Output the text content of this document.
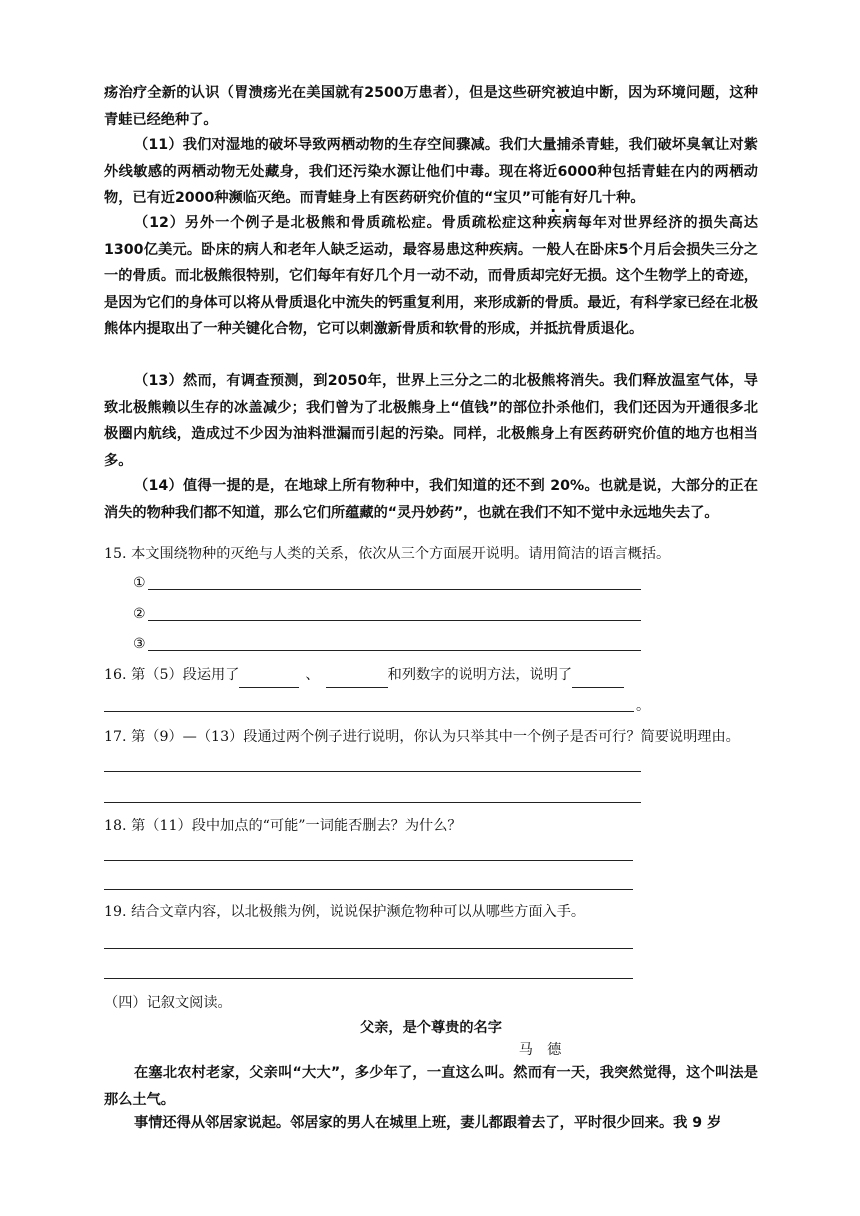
疡治疗全新的认识（胃溃疡光在美国就有2500万患者），但是这些研究被迫中断，因为环境问题，这种青蛙已经绝种了。

（11）我们对湿地的破坏导致两栖动物的生存空间骤减。我们大量捕杀青蛙，我们破坏臭氧让对紫外线敏感的两栖动物无处藏身，我们还污染水源让他们中毒。现在将近6000种包括青蛙在内的两栖动物，已有近2000种濒临灭绝。而青蛙身上有医药研究价值的“宝贝”可能有好几十种。

（12）另外一个例子是北极熊和骨质疏松症。骨质疏松症这种疾病每年对世界经济的损失高达1300亿美元。卧床的病人和老年人缺乏运动，最容易患这种疾病。一般人在卧床5个月后会损失三分之一的骨质。而北极熊很特别，它们每年有好几个月一动不动，而骨质却完好无损。这个生物学上的奇迹，是因为它们的身体可以将从骨质退化中流失的钙重复利用，来形成新的骨质。最近，有科学家已经在北极熊体内提取出了一种关键化合物，它可以刺激新骨质和软骨的形成，并抵抗骨质退化。

（13）然而，有调查预测，到2050年，世界上三分之二的北极熊将消失。我们释放温室气体，导致北极熊赖以生存的冰盖减少；我们曾为了北极熊身上“值钱”的部位扑杀他们，我们还因为开通很多北极圈内航线，造成过不少因为油料泄漏而引起的污染。同样，北极熊身上有医药研究价值的地方也相当多。

（14）值得一提的是，在地球上所有物种中，我们知道的还不到 20%。也就是说，大部分的正在消失的物种我们都不知道，那么它们所蕴藏的“灵丹妙药”，也就在我们不知不觉中永远地失去了。

15. 本文围绕物种的灭绝与人类的关系，依次从三个方面展开说明。请用简洁的语言概括。

①
②
③

16. 第（5）段运用了	、	和列数字的说明方法，说明了

。

17. 第（9）—（13）段通过两个例子进行说明，你认为只举其中一个例子是否可行？简要说明理由。

18. 第（11）段中加点的“可能”一词能否删去？为什么？

19. 结合文章内容，以北极熊为例，说说保护濒危物种可以从哪些方面入手。

（四）记叙文阅读。

父亲，是个尊贵的名字

马　德

在塞北农村老家，父亲叫“大大”，多少年了，一直这么叫。然而有一天，我突然觉得，这个叫法是那么土气。

事情还得从邻居家说起。邻居家的男人在城里上班，妻儿都跟着去了，平时很少回来。我 9 岁
